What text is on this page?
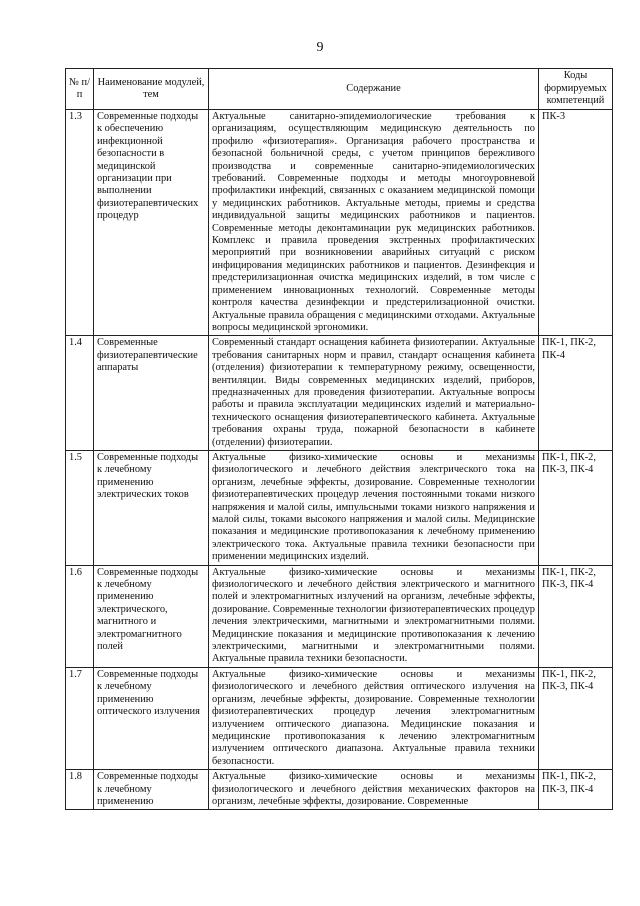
9
№ п/п	Наименование модулей, тем	Содержание	Коды формируемых компетенций
1.3	Современные подходы к обеспечению инфекционной безопасности в медицинской организации при выполнении физиотерапевтических процедур	Актуальные санитарно-эпидемиологические требования к организациям, осуществляющим медицинскую деятельность по профилю «физиотерапия». Организация рабочего пространства и безопасной больничной среды, с учетом принципов бережливого производства и современные санитарно-эпидемиологических требований. Современные подходы и методы многоуровневой профилактики инфекций, связанных с оказанием медицинской помощи у медицинских работников. Актуальные методы, приемы и средства индивидуальной защиты медицинских работников и пациентов. Современные методы деконтаминации рук медицинских работников. Комплекс и правила проведения экстренных профилактических мероприятий при возникновении аварийных ситуаций с риском инфицирования медицинских работников и пациентов. Дезинфекция и предстерилизационная очистка медицинских изделий, в том числе с применением инновационных технологий. Современные методы контроля качества дезинфекции и предстерилизационной очистки. Актуальные правила обращения с медицинскими отходами. Актуальные вопросы медицинской эргономики.	ПК-3
1.4	Современные физиотерапевтические аппараты	Современный стандарт оснащения кабинета физиотерапии. Актуальные требования санитарных норм и правил, стандарт оснащения кабинета (отделения) физиотерапии к температурному режиму, освещенности, вентиляции. Виды современных медицинских изделий, приборов, предназначенных для проведения физиотерапии. Актуальные вопросы работы и правила эксплуатации медицинских изделий и материально-технического оснащения физиотерапевтического кабинета. Актуальные требования охраны труда, пожарной безопасности в кабинете (отделении) физиотерапии.	ПК-1, ПК-2, ПК-4
1.5	Современные подходы к лечебному применению электрических токов	Актуальные физико-химические основы и механизмы физиологического и лечебного действия электрического тока на организм, лечебные эффекты, дозирование. Современные технологии физиотерапевтических процедур лечения постоянными токами низкого напряжения и малой силы, импульсными токами низкого напряжения и малой силы, токами высокого напряжения и малой силы. Медицинские показания и медицинские противопоказания к лечебному применению электрического тока. Актуальные правила техники безопасности при применении медицинских изделий.	ПК-1, ПК-2, ПК-3, ПК-4
1.6	Современные подходы к лечебному применению электрического, магнитного и электромагнитного полей	Актуальные физико-химические основы и механизмы физиологического и лечебного действия электрического и магнитного полей и электромагнитных излучений на организм, лечебные эффекты, дозирование. Современные технологии физиотерапевтических процедур лечения электрическими, магнитными и электромагнитными полями. Медицинские показания и медицинские противопоказания к лечению электрическими, магнитными и электромагнитными полями. Актуальные правила техники безопасности.	ПК-1, ПК-2, ПК-3, ПК-4
1.7	Современные подходы к лечебному применению оптического излучения	Актуальные физико-химические основы и механизмы физиологического и лечебного действия оптического излучения на организм, лечебные эффекты, дозирование. Современные технологии физиотерапевтических процедур лечения электромагнитным излучением оптического диапазона. Медицинские показания и медицинские противопоказания к лечению электромагнитным излучением оптического диапазона. Актуальные правила техники безопасности.	ПК-1, ПК-2, ПК-3, ПК-4
1.8	Современные подходы к лечебному применению	Актуальные физико-химические основы и механизмы физиологического и лечебного действия механических факторов на организм, лечебные эффекты, дозирование. Современные	ПК-1, ПК-2, ПК-3, ПК-4
